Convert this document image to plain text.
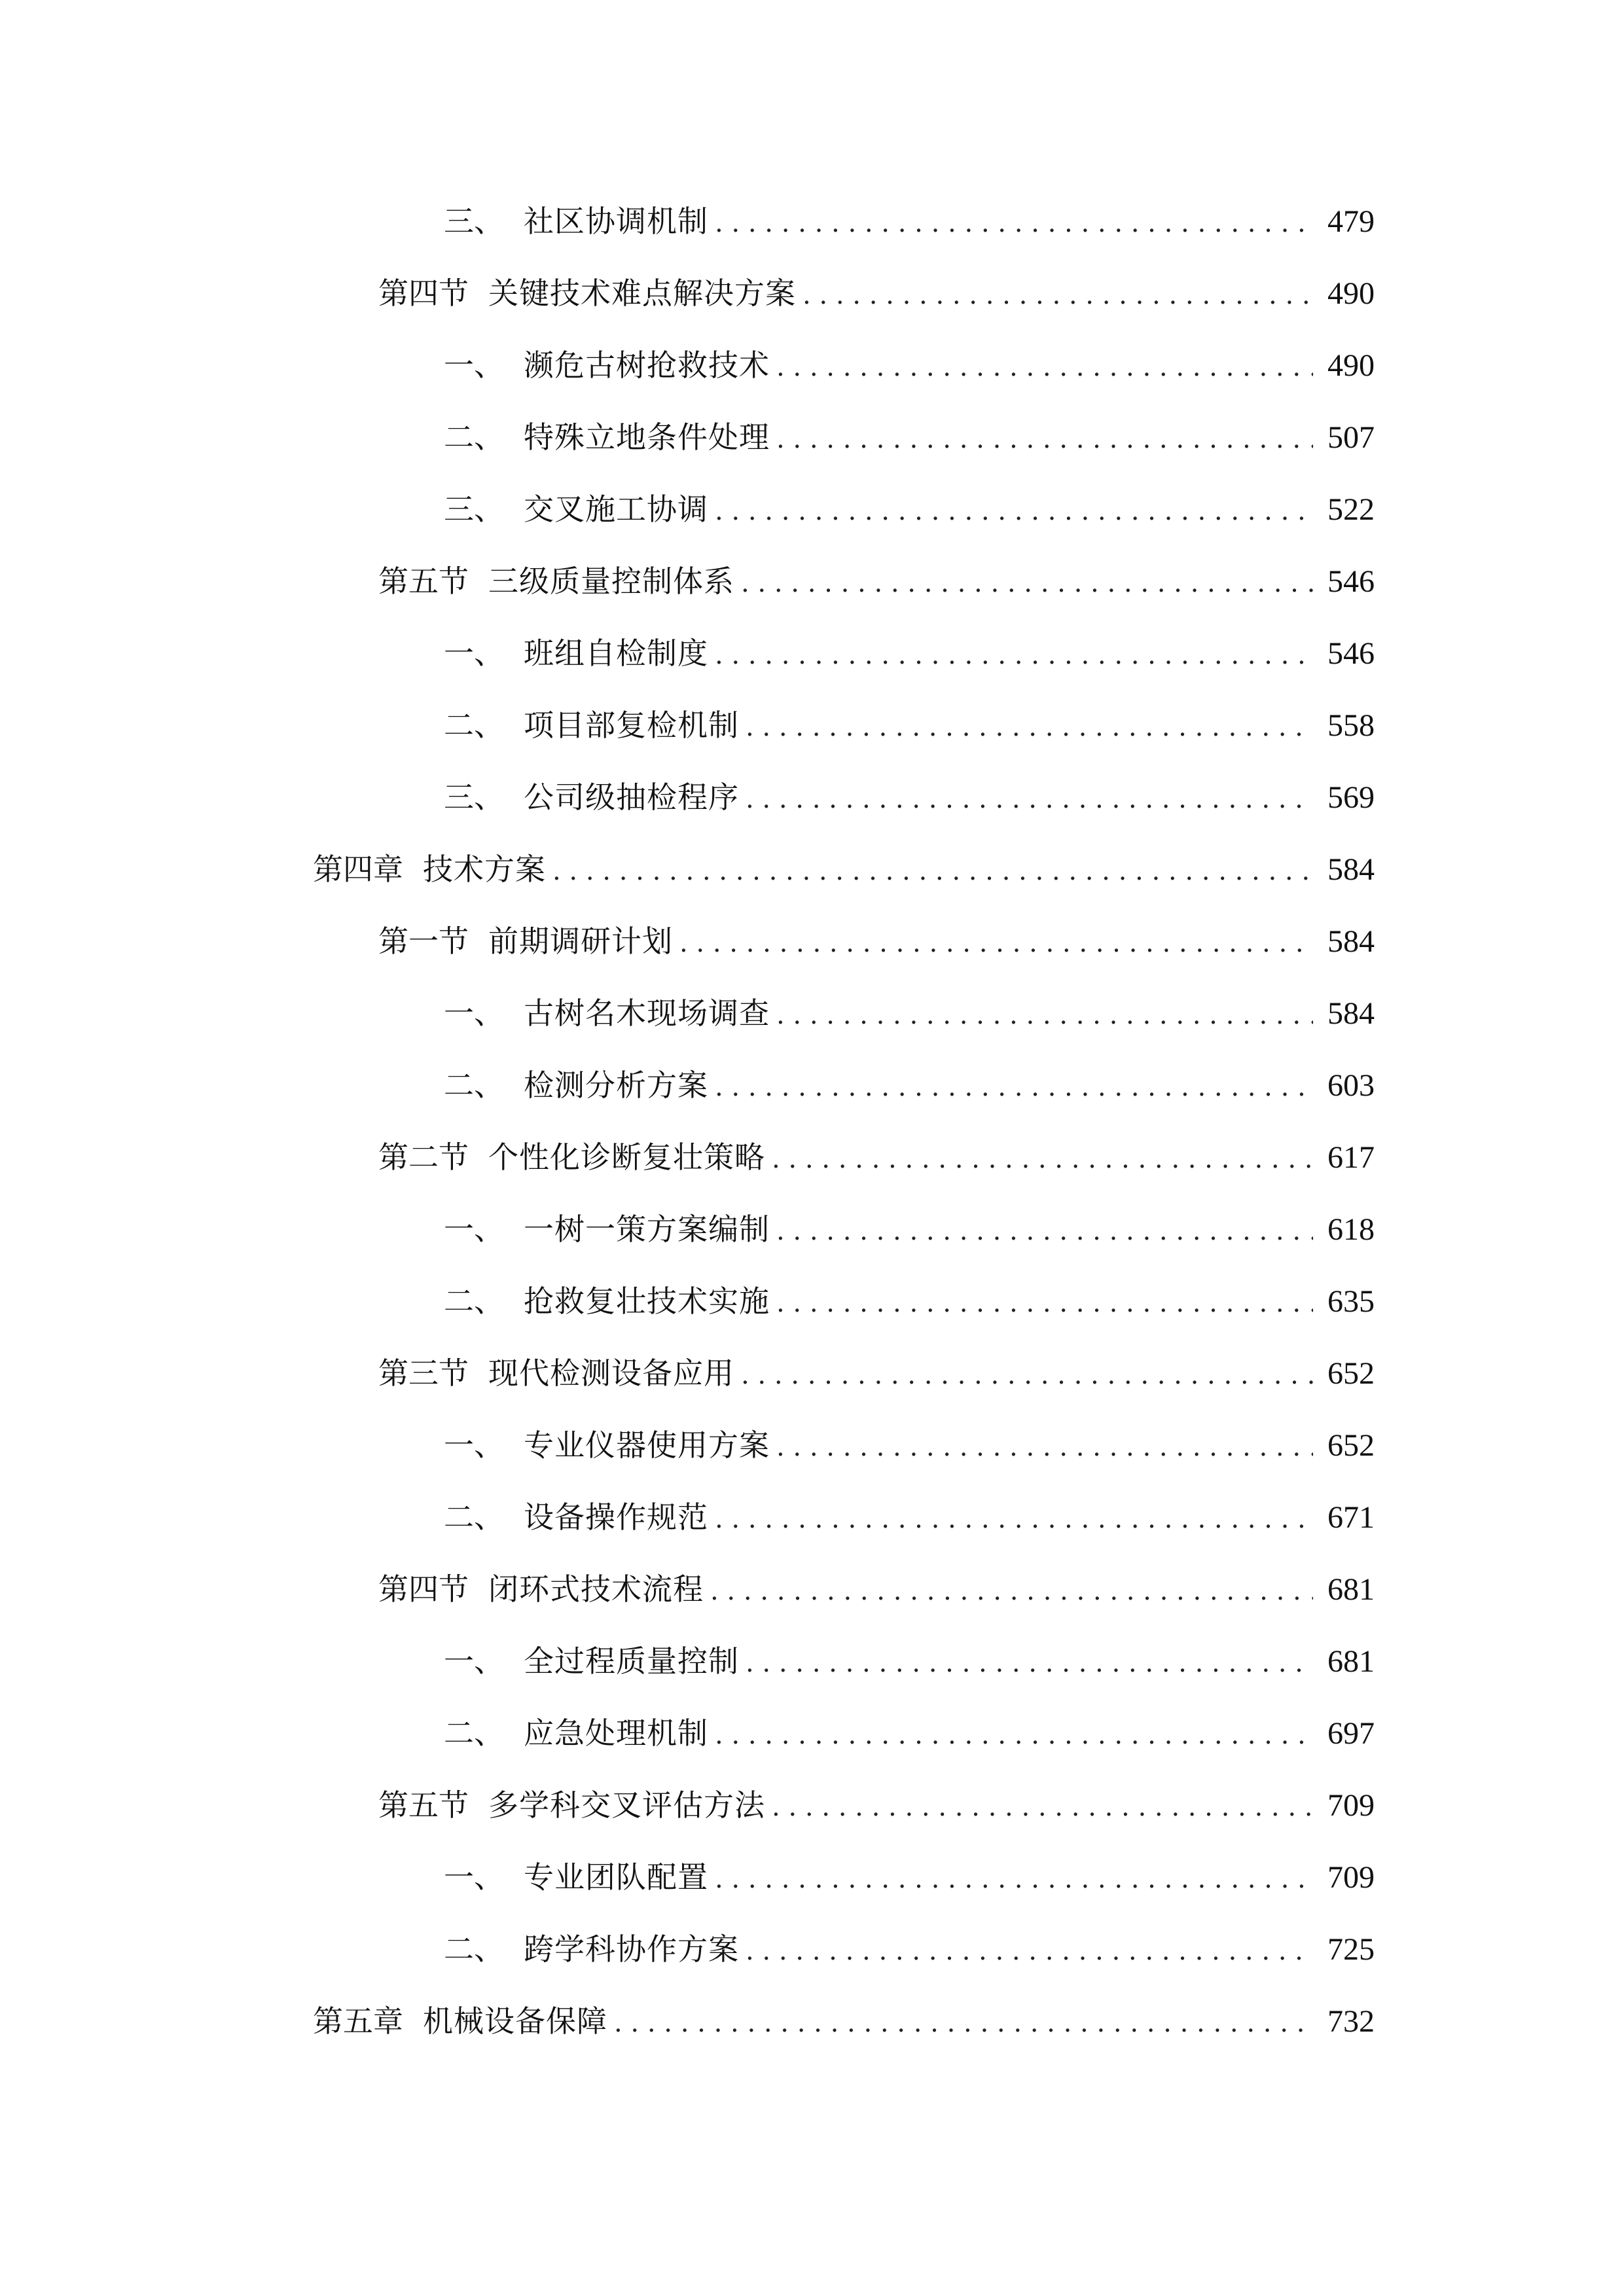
三、 社区协调机制 . . .	479
第四节 关键技术难点解决方案 . . .	490
一、 濒危古树抢救技术 . . .	490
二、 特殊立地条件处理 . . .	507
三、 交叉施工协调 . . .	522
第五节 三级质量控制体系 . . .	546
一、 班组自检制度 . . .	546
二、 项目部复检机制 . . .	558
三、 公司级抽检程序 . . .	569
第四章 技术方案 . . .	584
第一节 前期调研计划 . . .	584
一、 古树名木现场调查 . . .	584
二、 检测分析方案 . . .	603
第二节 个性化诊断复壮策略 . . .	617
一、 一树一策方案编制 . . .	618
二、 抢救复壮技术实施 . . .	635
第三节 现代检测设备应用 . . .	652
一、 专业仪器使用方案 . . .	652
二、 设备操作规范 . . .	671
第四节 闭环式技术流程 . . .	681
一、 全过程质量控制 . . .	681
二、 应急处理机制 . . .	697
第五节 多学科交叉评估方法 . . .	709
一、 专业团队配置 . . .	709
二、 跨学科协作方案 . . .	725
第五章 机械设备保障 . . .	732
